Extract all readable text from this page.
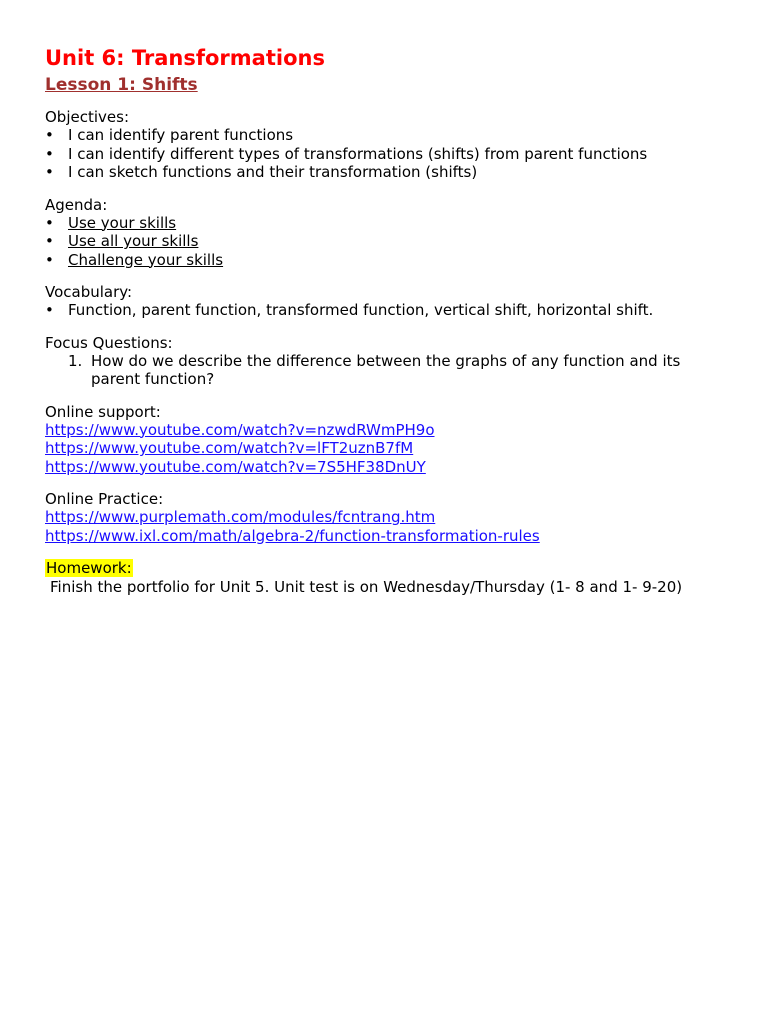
Unit 6: Transformations
Lesson 1: Shifts
Objectives:
• I can identify parent functions
• I can identify different types of transformations (shifts) from parent functions
• I can sketch functions and their transformation (shifts)
Agenda:
• Use your skills
• Use all your skills
• Challenge your skills
Vocabulary:
• Function, parent function, transformed function, vertical shift, horizontal shift.
Focus Questions:
1. How do we describe the difference between the graphs of any function and its
parent function?
Online support:
https://www.youtube.com/watch?v=nzwdRWmPH9o
https://www.youtube.com/watch?v=lFT2uznB7fM
https://www.youtube.com/watch?v=7S5HF38DnUY
Online Practice:
https://www.purplemath.com/modules/fcntrang.htm
https://www.ixl.com/math/algebra-2/function-transformation-rules
Homework:
Finish the portfolio for Unit 5. Unit test is on Wednesday/Thursday (1- 8 and 1- 9-20)
